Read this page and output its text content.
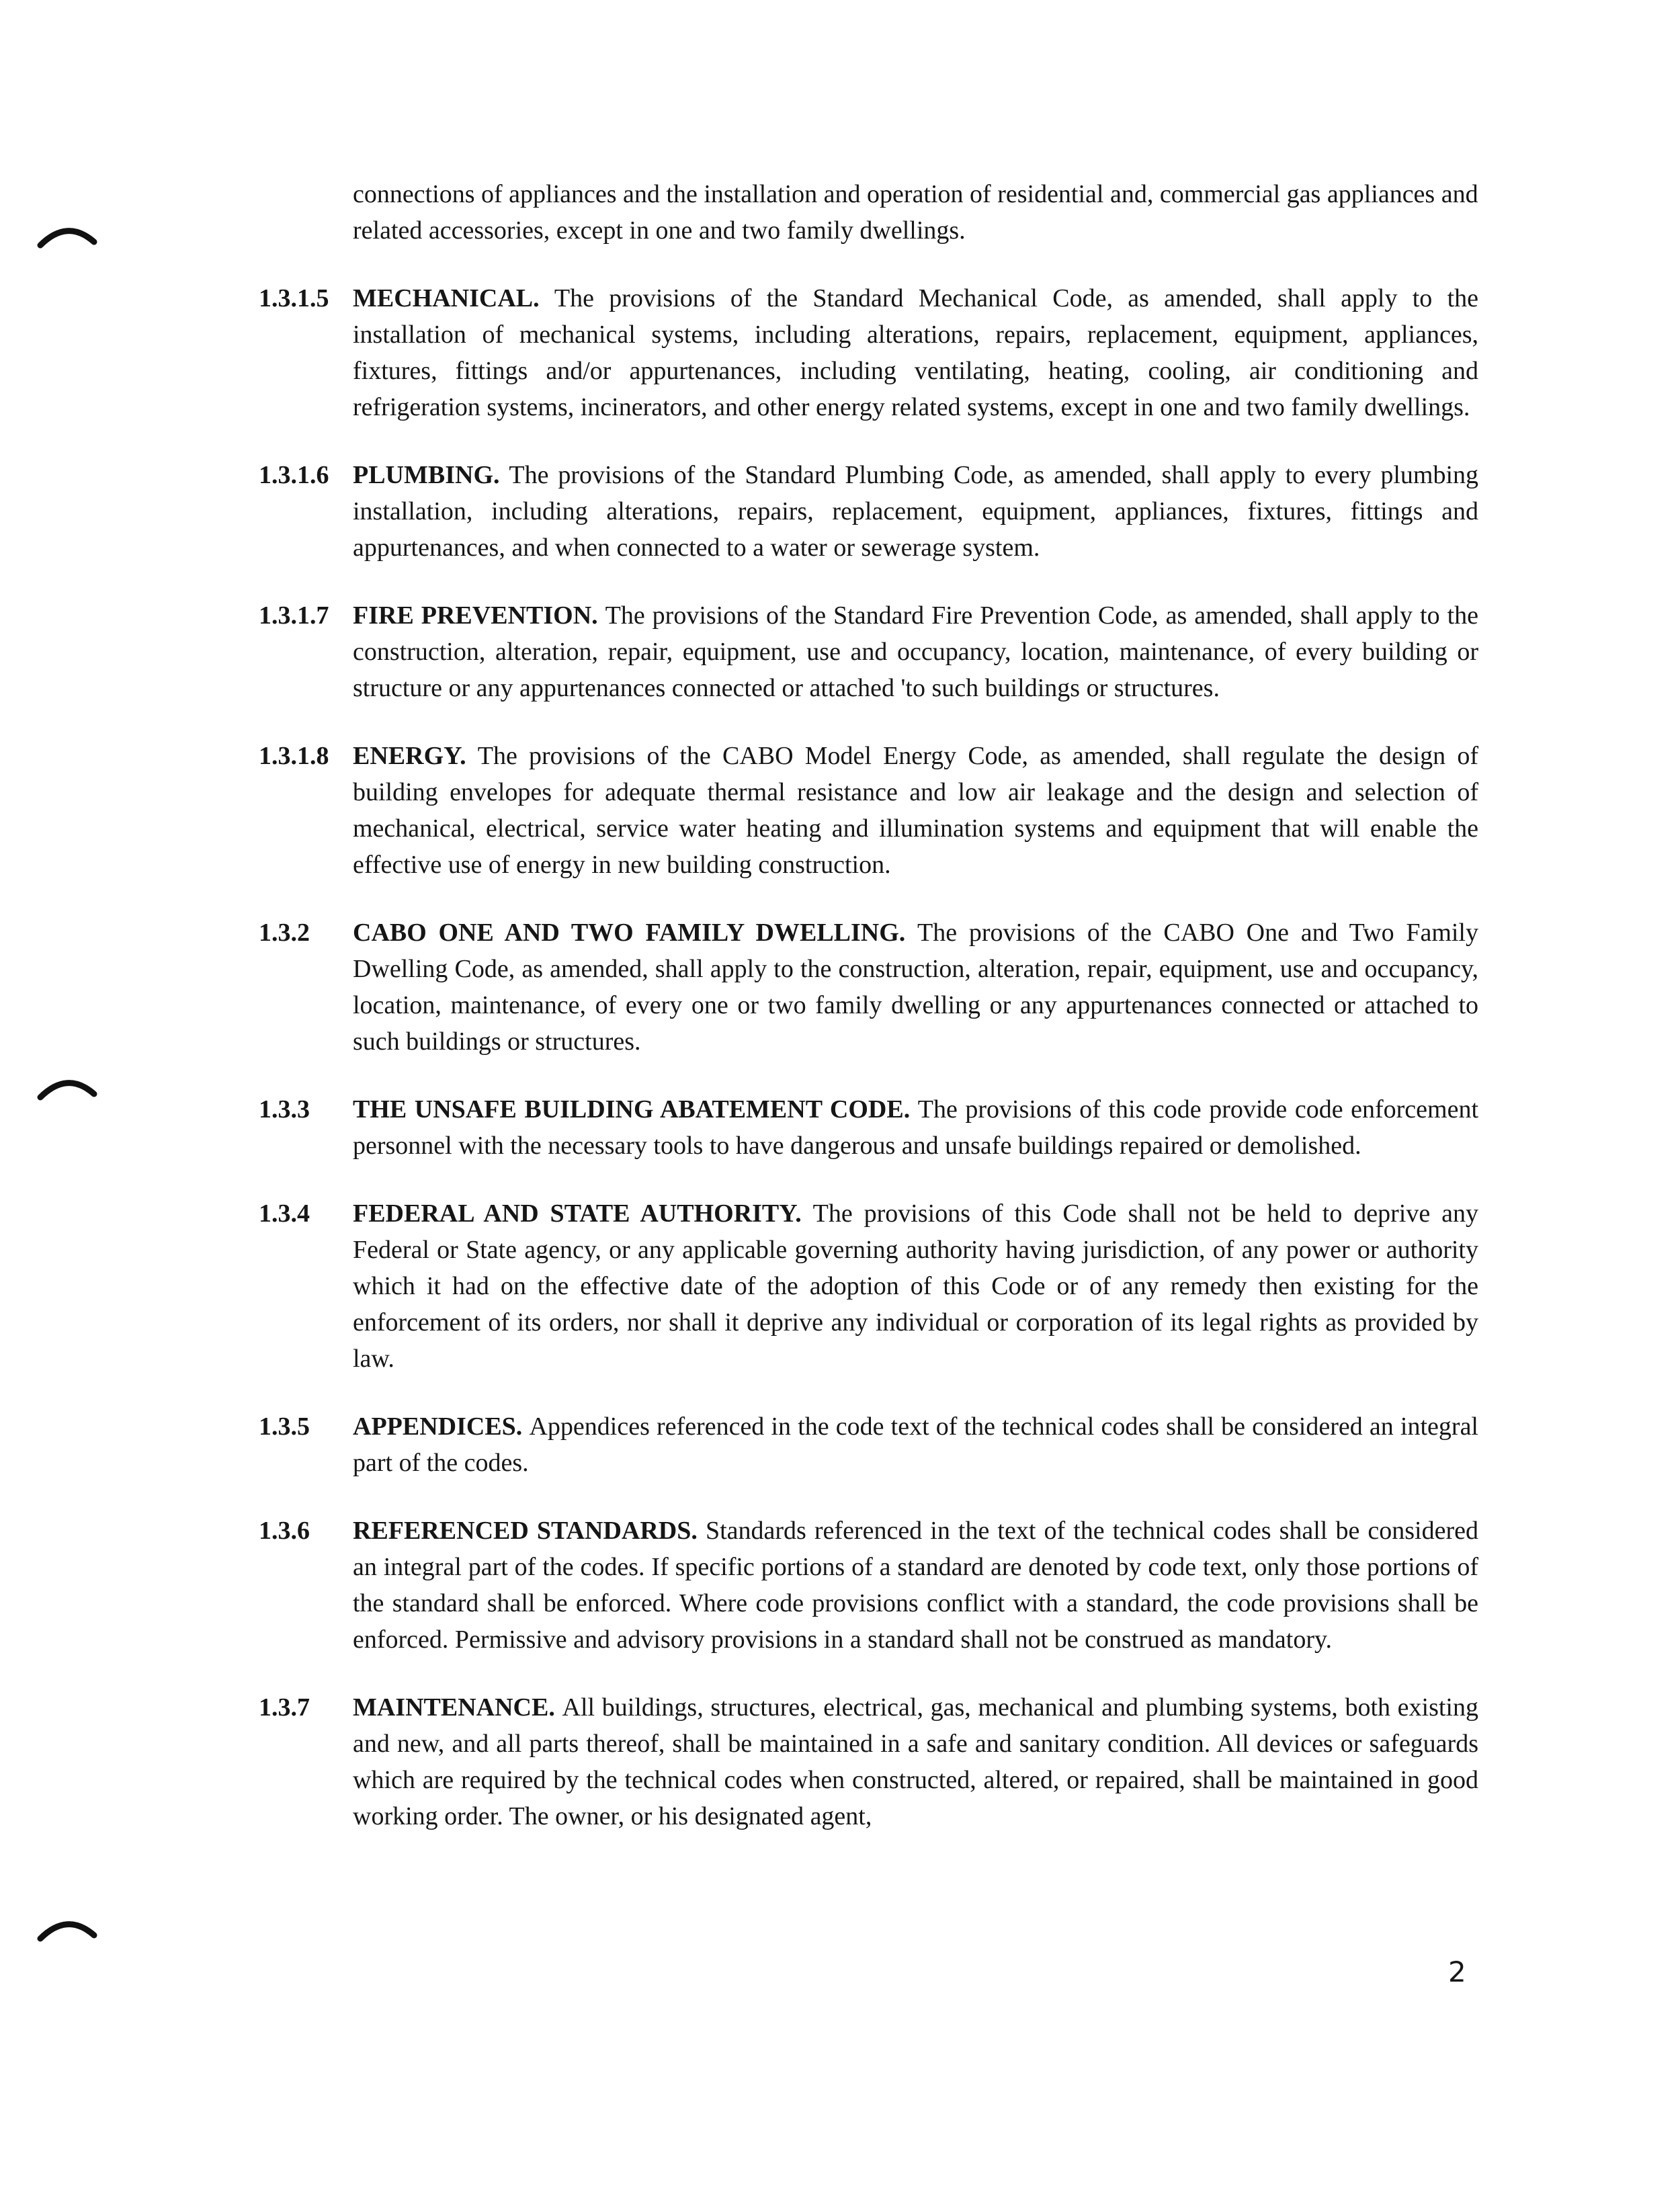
connections of appliances and the installation and operation of residential and, commercial gas appliances and related accessories, except in one and two family dwellings.

1.3.1.5 MECHANICAL. The provisions of the Standard Mechanical Code, as amended, shall apply to the installation of mechanical systems, including alterations, repairs, replacement, equipment, appliances, fixtures, fittings and/or appurtenances, including ventilating, heating, cooling, air conditioning and refrigeration systems, incinerators, and other energy related systems, except in one and two family dwellings.
1.3.1.6 PLUMBING. The provisions of the Standard Plumbing Code, as amended, shall apply to every plumbing installation, including alterations, repairs, replacement, equipment, appliances, fixtures, fittings and appurtenances, and when connected to a water or sewerage system.
1.3.1.7 FIRE PREVENTION. The provisions of the Standard Fire Prevention Code, as amended, shall apply to the construction, alteration, repair, equipment, use and occupancy, location, maintenance, of every building or structure or any appurtenances connected or attached 'to such buildings or structures.
1.3.1.8 ENERGY. The provisions of the CABO Model Energy Code, as amended, shall regulate the design of building envelopes for adequate thermal resistance and low air leakage and the design and selection of mechanical, electrical, service water heating and illumination systems and equipment that will enable the effective use of energy in new building construction.
1.3.2 CABO ONE AND TWO FAMILY DWELLING. The provisions of the CABO One and Two Family Dwelling Code, as amended, shall apply to the construction, alteration, repair, equipment, use and occupancy, location, maintenance, of every one or two family dwelling or any appurtenances connected or attached to such buildings or structures.
1.3.3 THE UNSAFE BUILDING ABATEMENT CODE. The provisions of this code provide code enforcement personnel with the necessary tools to have dangerous and unsafe buildings repaired or demolished.
1.3.4 FEDERAL AND STATE AUTHORITY. The provisions of this Code shall not be held to deprive any Federal or State agency, or any applicable governing authority having jurisdiction, of any power or authority which it had on the effective date of the adoption of this Code or of any remedy then existing for the enforcement of its orders, nor shall it deprive any individual or corporation of its legal rights as provided by law.
1.3.5 APPENDICES. Appendices referenced in the code text of the technical codes shall be considered an integral part of the codes.
1.3.6 REFERENCED STANDARDS. Standards referenced in the text of the technical codes shall be considered an integral part of the codes. If specific portions of a standard are denoted by code text, only those portions of the standard shall be enforced. Where code provisions conflict with a standard, the code provisions shall be enforced. Permissive and advisory provisions in a standard shall not be construed as mandatory.
1.3.7 MAINTENANCE. All buildings, structures, electrical, gas, mechanical and plumbing systems, both existing and new, and all parts thereof, shall be maintained in a safe and sanitary condition. All devices or safeguards which are required by the technical codes when constructed, altered, or repaired, shall be maintained in good working order. The owner, or his designated agent,
2
